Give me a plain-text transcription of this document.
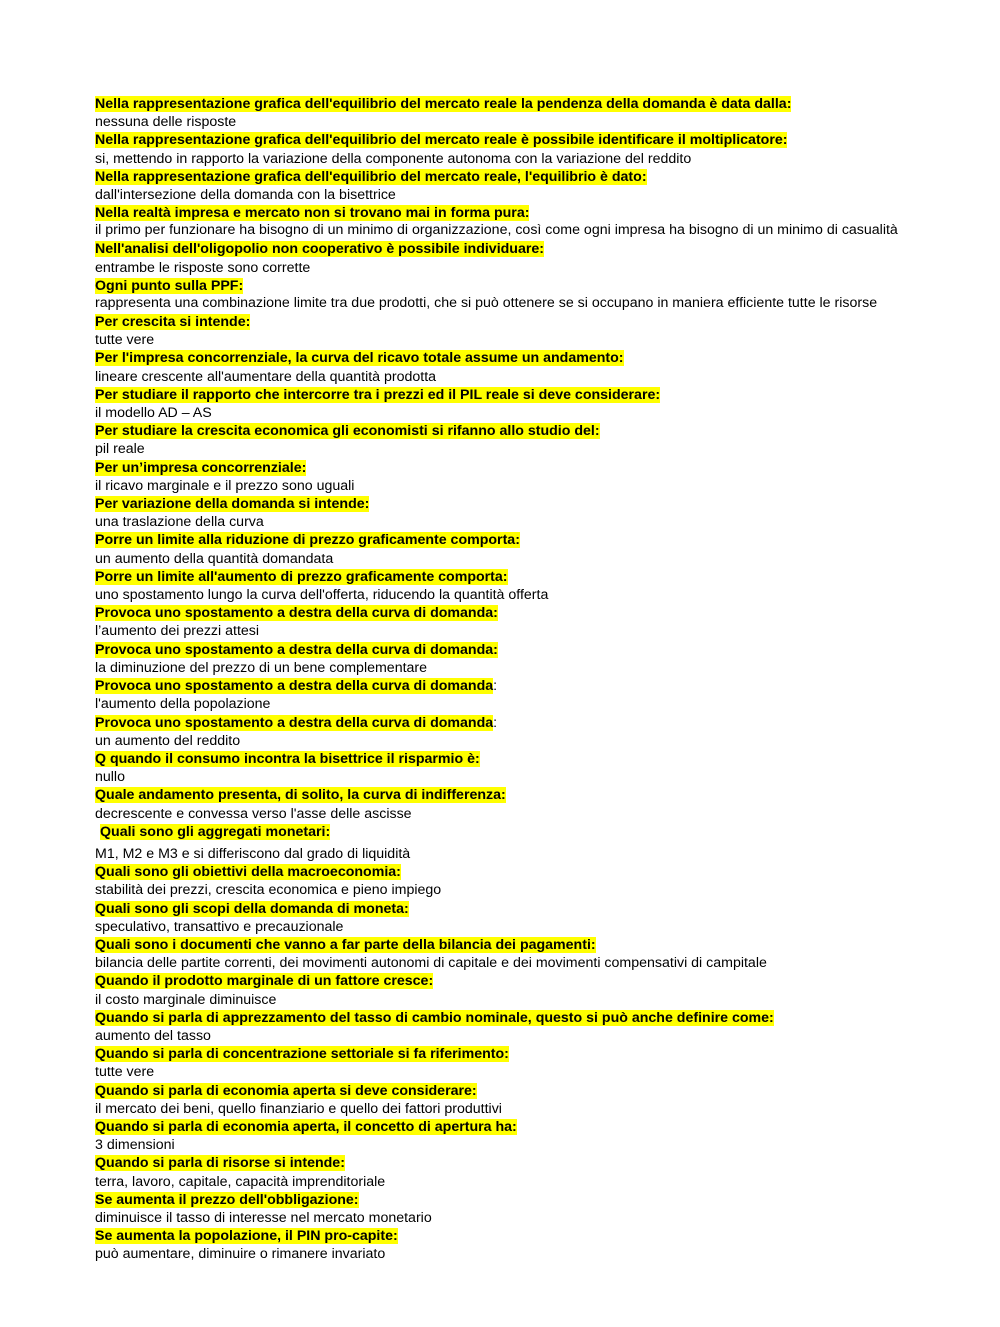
Nella rappresentazione grafica dell'equilibrio del mercato reale la pendenza della domanda è data dalla:
nessuna delle risposte
Nella rappresentazione grafica dell'equilibrio del mercato reale è possibile identificare il moltiplicatore:
si, mettendo in rapporto la variazione della componente autonoma con la variazione del reddito
Nella rappresentazione grafica dell'equilibrio del mercato reale, l'equilibrio è dato:
dall'intersezione della domanda con la bisettrice
Nella realtà impresa e mercato non si trovano mai in forma pura:
il primo per funzionare ha bisogno di un minimo di organizzazione, così come ogni impresa ha bisogno di un minimo di casualità
Nell'analisi dell'oligopolio non cooperativo è possibile individuare:
entrambe le risposte sono corrette
Ogni punto sulla PPF:
rappresenta una combinazione limite tra due prodotti, che si può ottenere se si occupano in maniera efficiente tutte le risorse
Per crescita si intende:
tutte vere
Per l'impresa concorrenziale, la curva del ricavo totale assume un andamento:
lineare crescente all'aumentare della quantità prodotta
Per studiare il rapporto che intercorre tra i prezzi ed il PIL reale si deve considerare:
il modello AD – AS
Per studiare la crescita economica gli economisti si rifanno allo studio del:
pil reale
Per un’impresa concorrenziale:
il ricavo marginale e il prezzo sono uguali
Per variazione della domanda si intende:
una traslazione della curva
Porre un limite alla riduzione di prezzo graficamente comporta:
un aumento della quantità domandata
Porre un limite all'aumento di prezzo graficamente comporta:
uno spostamento lungo la curva dell'offerta, riducendo la quantità offerta
Provoca uno spostamento a destra della curva di domanda:
l’aumento dei prezzi attesi
Provoca uno spostamento a destra della curva di domanda:
la diminuzione del prezzo di un bene complementare
Provoca uno spostamento a destra della curva di domanda:
l'aumento della popolazione
Provoca uno spostamento a destra della curva di domanda:
un aumento del reddito
Q quando il consumo incontra la bisettrice il risparmio è:
nullo
Quale andamento presenta, di solito, la curva di indifferenza:
decrescente e convessa verso l'asse delle ascisse
Quali sono gli aggregati monetari:
M1, M2 e M3 e si differiscono dal grado di liquidità
Quali sono gli obiettivi della macroeconomia:
stabilità dei prezzi, crescita economica e pieno impiego
Quali sono gli scopi della domanda di moneta:
speculativo, transattivo e precauzionale
Quali sono i documenti che vanno a far parte della bilancia dei pagamenti:
bilancia delle partite correnti, dei movimenti autonomi di capitale e dei movimenti compensativi di campitale
Quando il prodotto marginale di un fattore cresce:
il costo marginale diminuisce
Quando si parla di apprezzamento del tasso di cambio nominale, questo si può anche definire come:
aumento del tasso
Quando si parla di concentrazione settoriale si fa riferimento:
tutte vere
Quando si parla di economia aperta si deve considerare:
il mercato dei beni, quello finanziario e quello dei fattori produttivi
Quando si parla di economia aperta, il concetto di apertura ha:
3 dimensioni
Quando si parla di risorse si intende:
terra, lavoro, capitale, capacità imprenditoriale
Se aumenta il prezzo dell'obbligazione:
diminuisce il tasso di interesse nel mercato monetario
Se aumenta la popolazione, il PIN pro-capite:
può aumentare, diminuire o rimanere invariato
